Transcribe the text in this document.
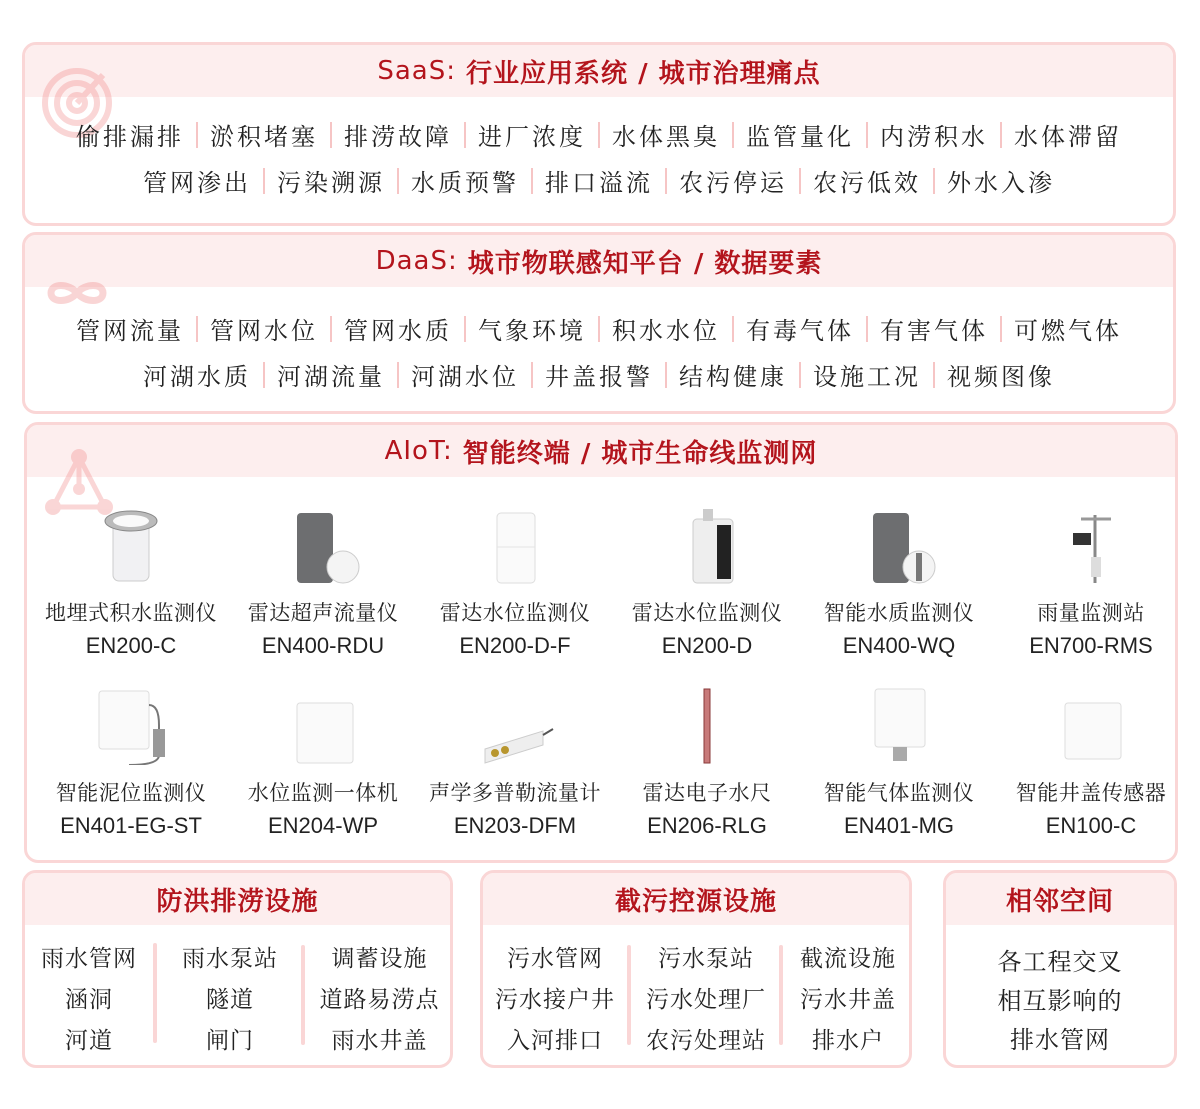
SaaS:
行业应用系统 / 城市治理痛点
偷排漏排 淤积堵塞 排涝故障 进厂浓度 水体黑臭 监管量化 内涝积水 水体滞留
管网渗出 污染溯源 水质预警 排口溢流 农污停运 农污低效 外水入渗
DaaS:
城市物联感知平台 / 数据要素
管网流量 管网水位 管网水质 气象环境 积水水位 有毒气体 有害气体 可燃气体
河湖水质 河湖流量 河湖水位 井盖报警 结构健康 设施工况 视频图像
AIoT:
智能终端 / 城市生命线监测网
地埋式积水监测仪
EN200-C
雷达超声流量仪
EN400-RDU
雷达水位监测仪
EN200-D-F
雷达水位监测仪
EN200-D
智能水质监测仪
EN400-WQ
雨量监测站
EN700-RMS
智能泥位监测仪
EN401-EG-ST
水位监测一体机
EN204-WP
声学多普勒流量计
EN203-DFM
雷达电子水尺
EN206-RLG
智能气体监测仪
EN401-MG
智能井盖传感器
EN100-C
防洪排涝设施
雨水管网
涵洞
河道
雨水泵站
隧道
闸门
调蓄设施
道路易涝点
雨水井盖
截污控源设施
污水管网
污水接户井
入河排口
污水泵站
污水处理厂
农污处理站
截流设施
污水井盖
排水户
相邻空间
各工程交叉
相互影响的
排水管网
